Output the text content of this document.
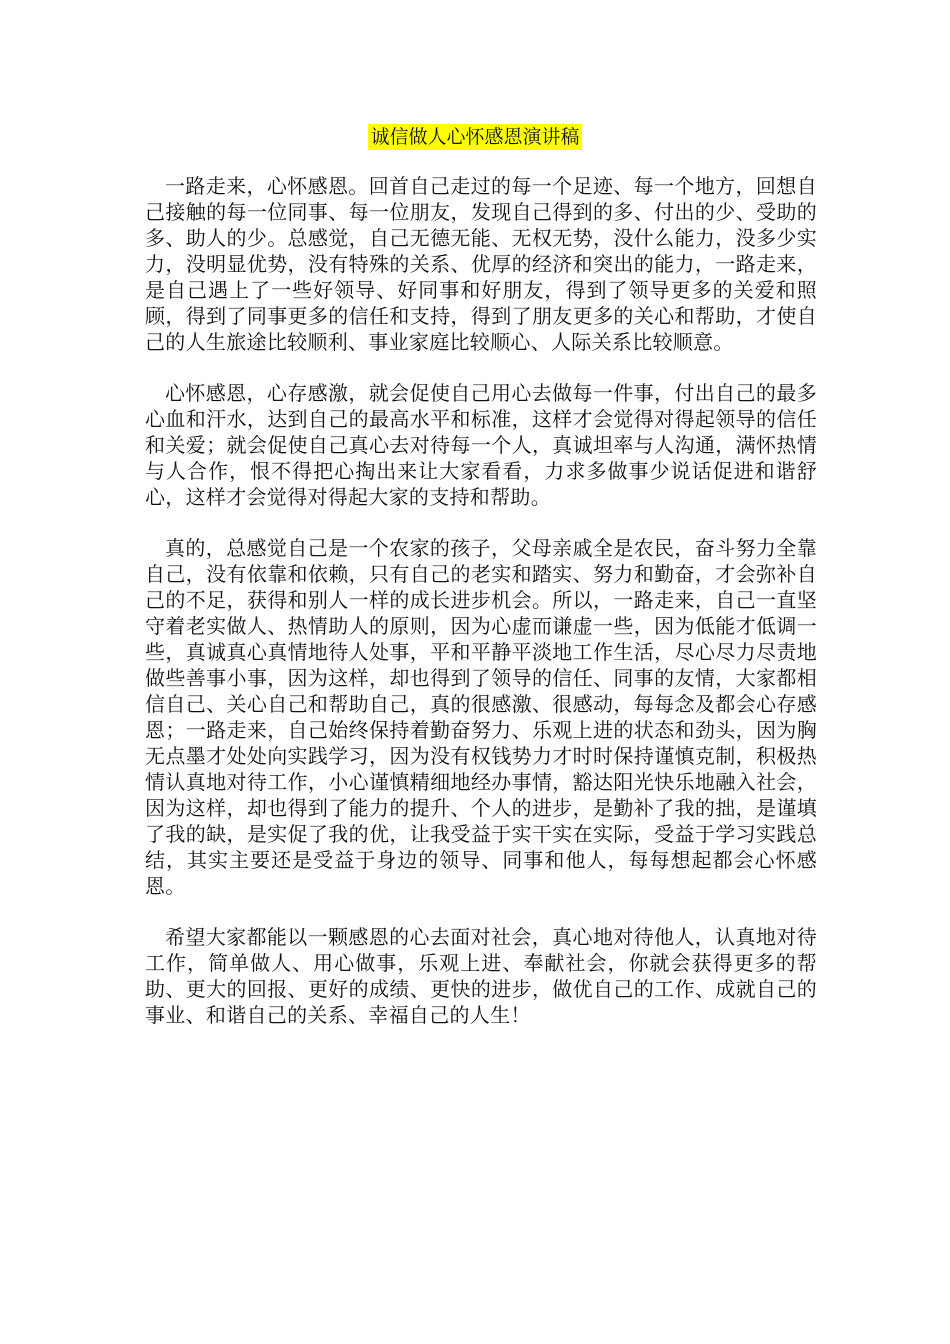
诚信做人心怀感恩演讲稿

一路走来，心怀感恩。回首自己走过的每一个足迹、每一个地方，回想自己接触的每一位同事、每一位朋友，发现自己得到的多、付出的少、受助的多、助人的少。总感觉，自己无德无能、无权无势，没什么能力，没多少实力，没明显优势，没有特殊的关系、优厚的经济和突出的能力，一路走来，是自己遇上了一些好领导、好同事和好朋友，得到了领导更多的关爱和照顾，得到了同事更多的信任和支持，得到了朋友更多的关心和帮助，才使自己的人生旅途比较顺利、事业家庭比较顺心、人际关系比较顺意。

心怀感恩，心存感激，就会促使自己用心去做每一件事，付出自己的最多心血和汗水，达到自己的最高水平和标准，这样才会觉得对得起领导的信任和关爱；就会促使自己真心去对待每一个人，真诚坦率与人沟通，满怀热情与人合作，恨不得把心掏出来让大家看看，力求多做事少说话促进和谐舒心，这样才会觉得对得起大家的支持和帮助。

真的，总感觉自己是一个农家的孩子，父母亲戚全是农民，奋斗努力全靠自己，没有依靠和依赖，只有自己的老实和踏实、努力和勤奋，才会弥补自己的不足，获得和别人一样的成长进步机会。所以，一路走来，自己一直坚守着老实做人、热情助人的原则，因为心虚而谦虚一些，因为低能才低调一些，真诚真心真情地待人处事，平和平静平淡地工作生活，尽心尽力尽责地做些善事小事，因为这样，却也得到了领导的信任、同事的友情，大家都相信自己、关心自己和帮助自己，真的很感激、很感动，每每念及都会心存感恩；一路走来，自己始终保持着勤奋努力、乐观上进的状态和劲头，因为胸无点墨才处处向实践学习，因为没有权钱势力才时时保持谨慎克制，积极热情认真地对待工作，小心谨慎精细地经办事情，豁达阳光快乐地融入社会，因为这样，却也得到了能力的提升、个人的进步，是勤补了我的拙，是谨填了我的缺，是实促了我的优，让我受益于实干实在实际，受益于学习实践总结，其实主要还是受益于身边的领导、同事和他人，每每想起都会心怀感恩。

希望大家都能以一颗感恩的心去面对社会，真心地对待他人，认真地对待工作，简单做人、用心做事，乐观上进、奉献社会，你就会获得更多的帮助、更大的回报、更好的成绩、更快的进步，做优自己的工作、成就自己的事业、和谐自己的关系、幸福自己的人生！
